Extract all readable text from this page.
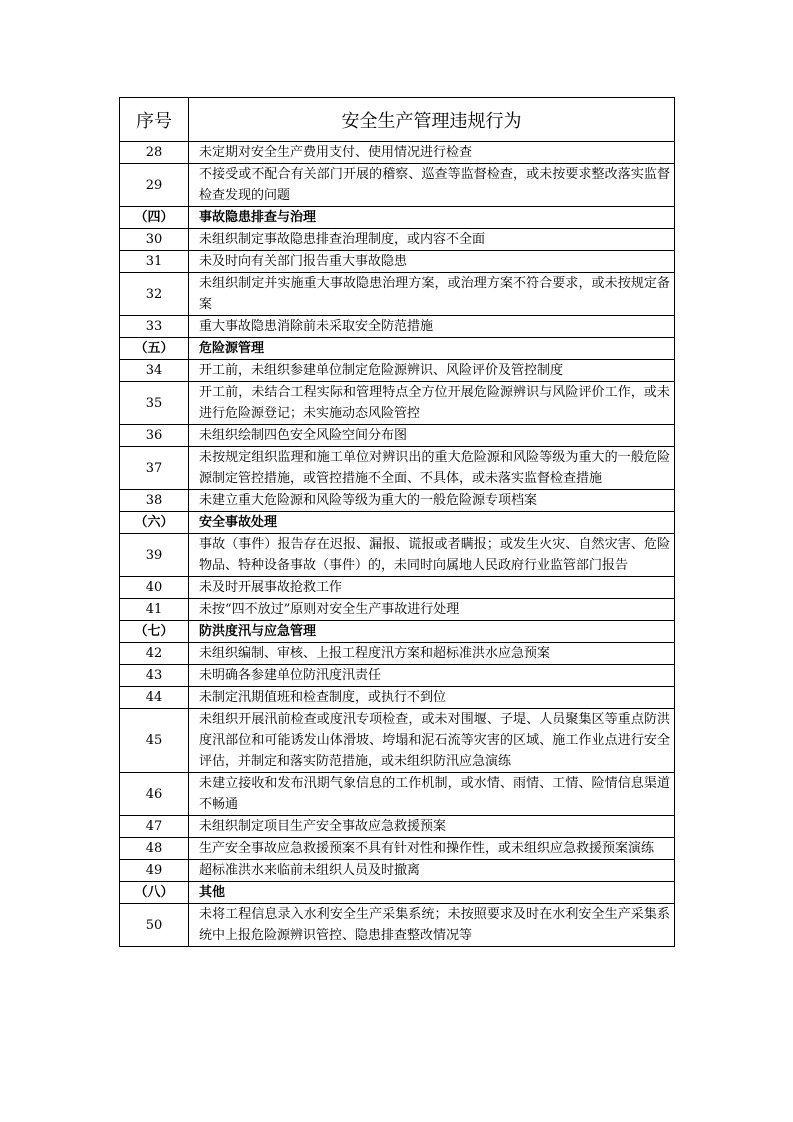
序号	安全生产管理违规行为
28	未定期对安全生产费用支付、使用情况进行检查
29	不接受或不配合有关部门开展的稽察、巡查等监督检查，或未按要求整改落实监督检查发现的问题
（四）	事故隐患排查与治理
30	未组织制定事故隐患排查治理制度，或内容不全面
31	未及时向有关部门报告重大事故隐患
32	未组织制定并实施重大事故隐患治理方案，或治理方案不符合要求，或未按规定备案
33	重大事故隐患消除前未采取安全防范措施
（五）	危险源管理
34	开工前，未组织参建单位制定危险源辨识、风险评价及管控制度
35	开工前，未结合工程实际和管理特点全方位开展危险源辨识与风险评价工作，或未进行危险源登记；未实施动态风险管控
36	未组织绘制四色安全风险空间分布图
37	未按规定组织监理和施工单位对辨识出的重大危险源和风险等级为重大的一般危险源制定管控措施，或管控措施不全面、不具体，或未落实监督检查措施
38	未建立重大危险源和风险等级为重大的一般危险源专项档案
（六）	安全事故处理
39	事故（事件）报告存在迟报、漏报、谎报或者瞒报；或发生火灾、自然灾害、危险物品、特种设备事故（事件）的，未同时向属地人民政府行业监管部门报告
40	未及时开展事故抢救工作
41	未按“四不放过”原则对安全生产事故进行处理
（七）	防洪度汛与应急管理
42	未组织编制、审核、上报工程度汛方案和超标准洪水应急预案
43	未明确各参建单位防汛度汛责任
44	未制定汛期值班和检查制度，或执行不到位
45	未组织开展汛前检查或度汛专项检查，或未对围堰、子堤、人员聚集区等重点防洪度汛部位和可能诱发山体滑坡、垮塌和泥石流等灾害的区域、施工作业点进行安全评估，并制定和落实防范措施，或未组织防汛应急演练
46	未建立接收和发布汛期气象信息的工作机制，或水情、雨情、工情、险情信息渠道不畅通
47	未组织制定项目生产安全事故应急救援预案
48	生产安全事故应急救援预案不具有针对性和操作性，或未组织应急救援预案演练
49	超标准洪水来临前未组织人员及时撤离
（八）	其他
50	未将工程信息录入水利安全生产采集系统；未按照要求及时在水利安全生产采集系统中上报危险源辨识管控、隐患排查整改情况等
